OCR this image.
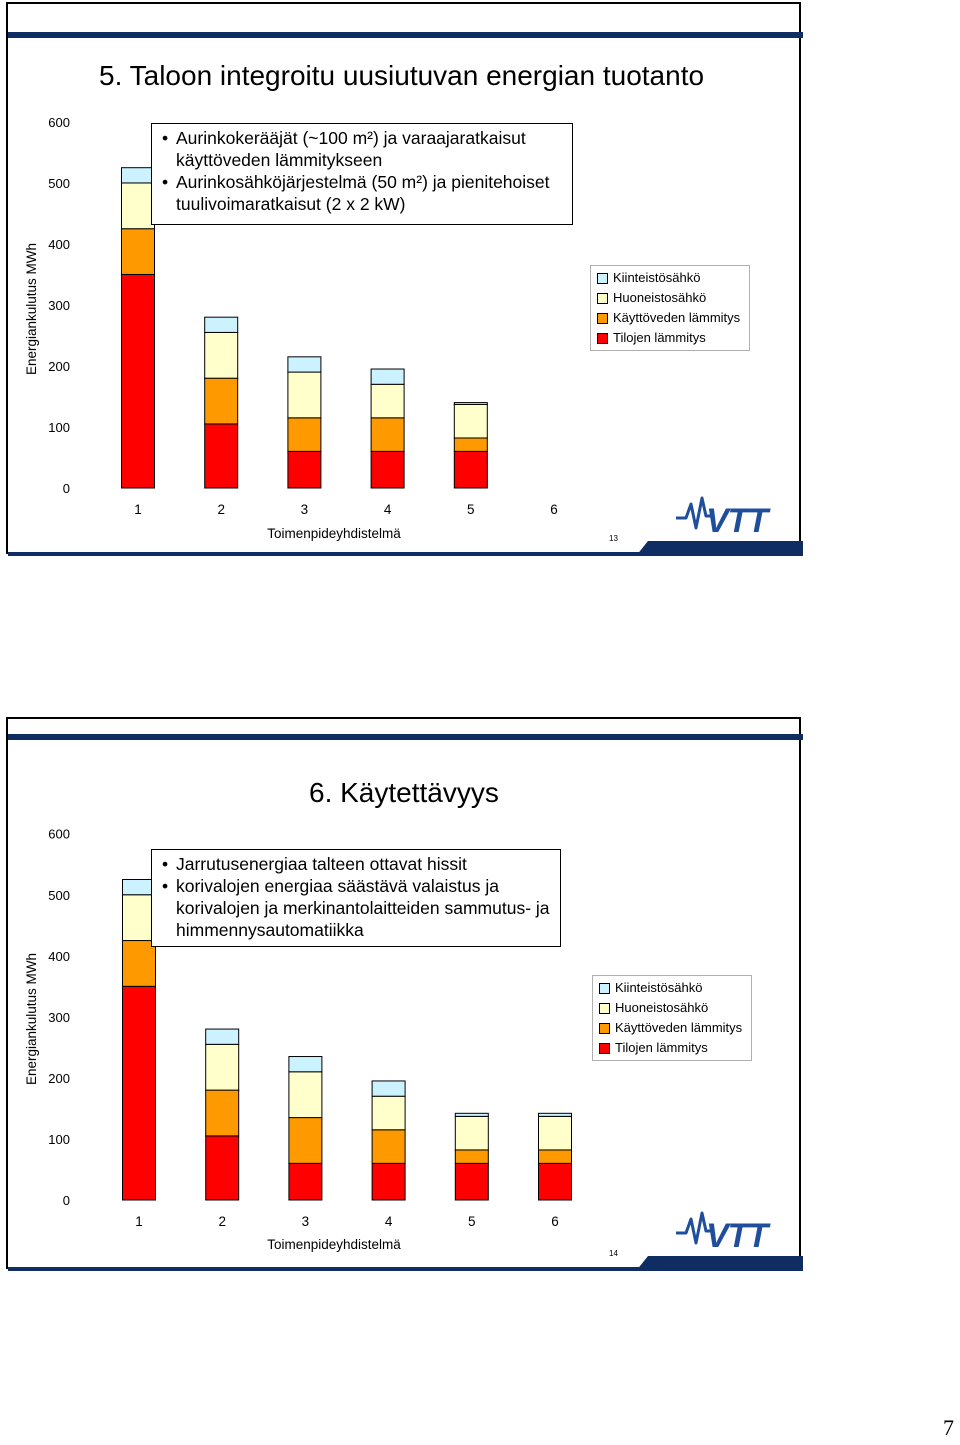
0
100
200
300
400
500
600
Energiankulutus MWh
1	2	3	4	5	6
Toimenpideyhdistelmä	VTT
5. Taloon integroitu uusiutuvan energian tuotanto
• Aurinkokerääjät (~100 m²) ja varaajaratkaisut käyttöveden lämmitykseen
• Aurinkosähköjärjestelmä (50 m²) ja pienitehoiset tuulivoimaratkaisut (2 x 2 kW)
Kiinteistösähkö
Huoneistosähkö
Käyttöveden lämmitys
Tilojen lämmitys
13
0
100
200
300
400
500
600
Energiankulutus MWh
1	2	3	4	5	6
Toimenpideyhdistelmä	VTT
6. Käytettävyys
• Jarrutusenergiaa talteen ottavat hissit
• korivalojen energiaa säästävä valaistus ja korivalojen ja merkinantolaitteiden sammutus- ja himmennysautomatiikka
Kiinteistösähkö
Huoneistosähkö
Käyttöveden lämmitys
Tilojen lämmitys
14
7
